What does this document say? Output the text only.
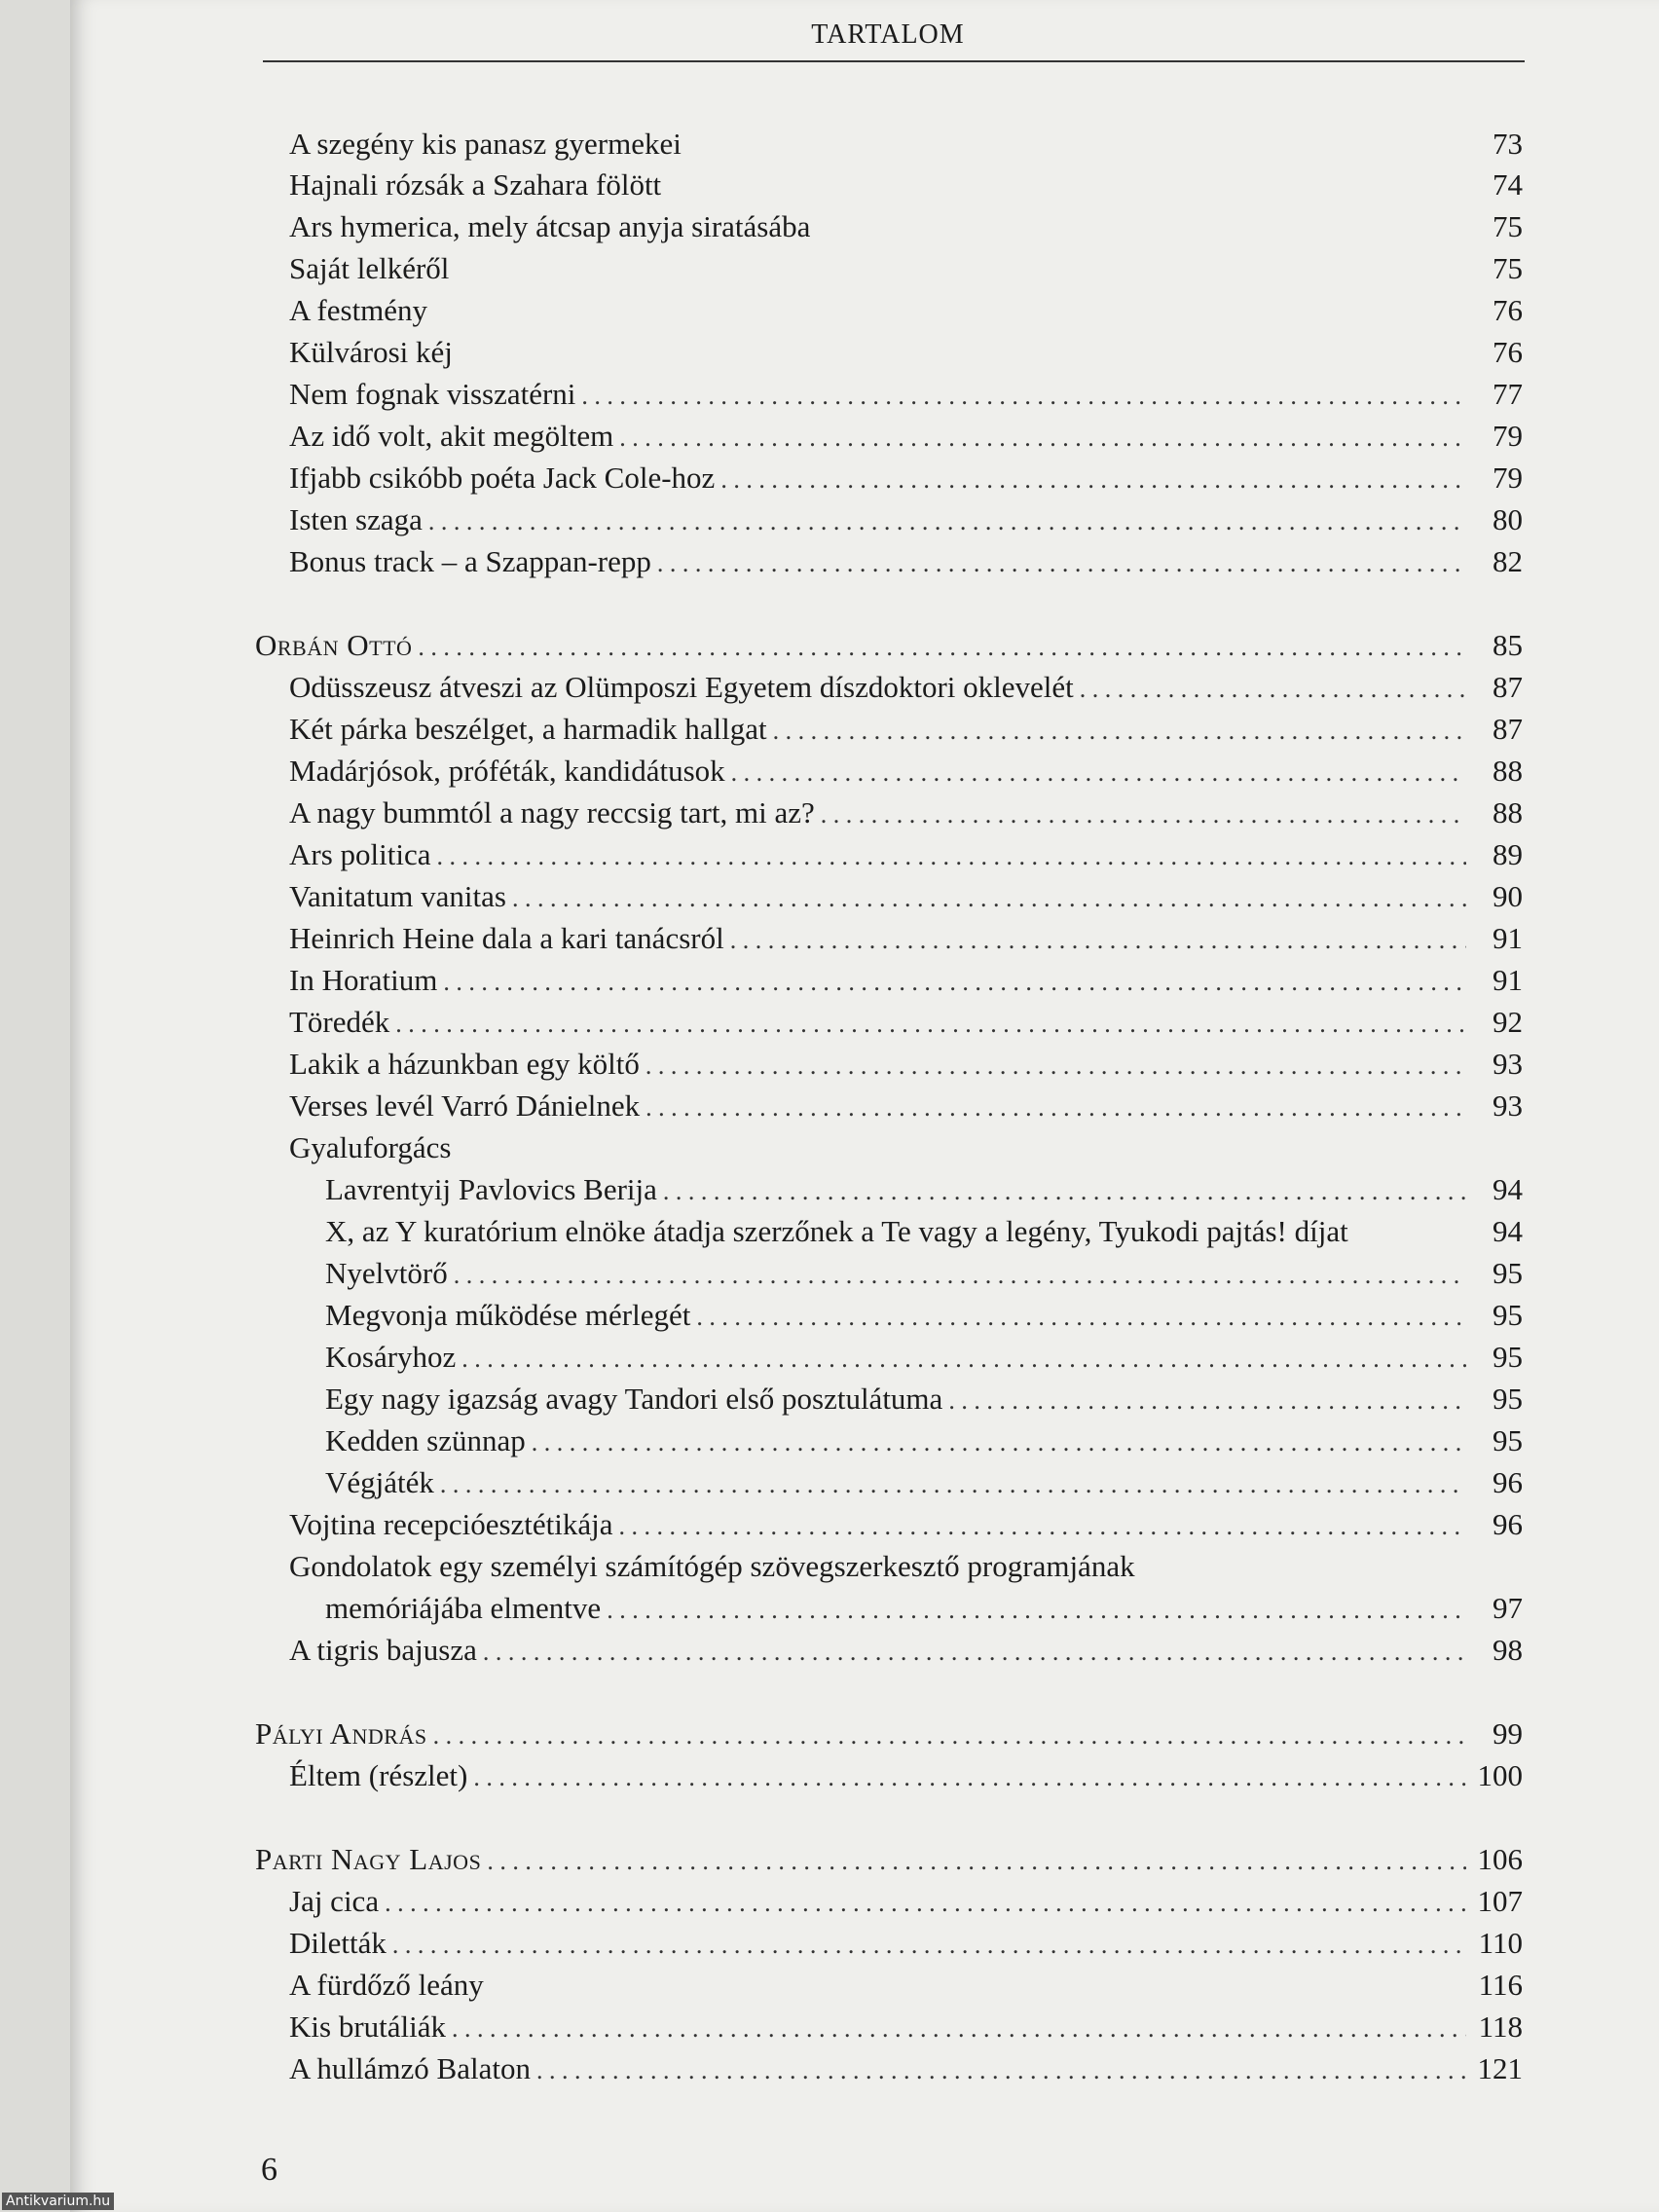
TARTALOM
A szegény kis panasz gyermekei	73
Hajnali rózsák a Szahara fölött	74
Ars hymerica, mely átcsap anyja siratásába	75
Saját lelkéről	75
A festmény	76
Külvárosi kéj	76
Nem fognak visszatérni . . .	77
Az idő volt, akit megöltem . . .	79
Ifjabb csikóbb poéta Jack Cole-hoz . . .	79
Isten szaga . . .	80
Bonus track – a Szappan-repp . . .	82
Orbán Ottó . . .	85
Odüsszeusz átveszi az Olümposzi Egyetem díszdoktori oklevelét . . .	87
Két párka beszélget, a harmadik hallgat . . .	87
Madárjósok, próféták, kandidátusok . . .	88
A nagy bummtól a nagy reccsig tart, mi az? . . .	88
Ars politica . . .	89
Vanitatum vanitas . . .	90
Heinrich Heine dala a kari tanácsról . . .	91
In Horatium . . .	91
Töredék . . .	92
Lakik a házunkban egy költő . . .	93
Verses levél Varró Dánielnek . . .	93
Gyaluforgács
Lavrentyij Pavlovics Berija . . .	94
X, az Y kuratórium elnöke átadja szerzőnek a Te vagy a legény, Tyukodi pajtás! díjat	94
Nyelvtörő . . .	95
Megvonja működése mérlegét . . .	95
Kosáryhoz . . .	95
Egy nagy igazság avagy Tandori első posztulátuma . . .	95
Kedden szünnap . . .	95
Végjáték . . .	96
Vojtina recepcióesztétikája . . .	96
Gondolatok egy személyi számítógép szövegszerkesztő programjának
memóriájába elmentve . . .	97
A tigris bajusza . . .	98
Pályi András . . .	99
Éltem (részlet) . . .	100
Parti Nagy Lajos . . .	106
Jaj cica . . .	107
Diletták . . .	110
A fürdőző leány	116
Kis brutáliák . . .	118
A hullámzó Balaton . . .	121
6
Antikvarium.hu
